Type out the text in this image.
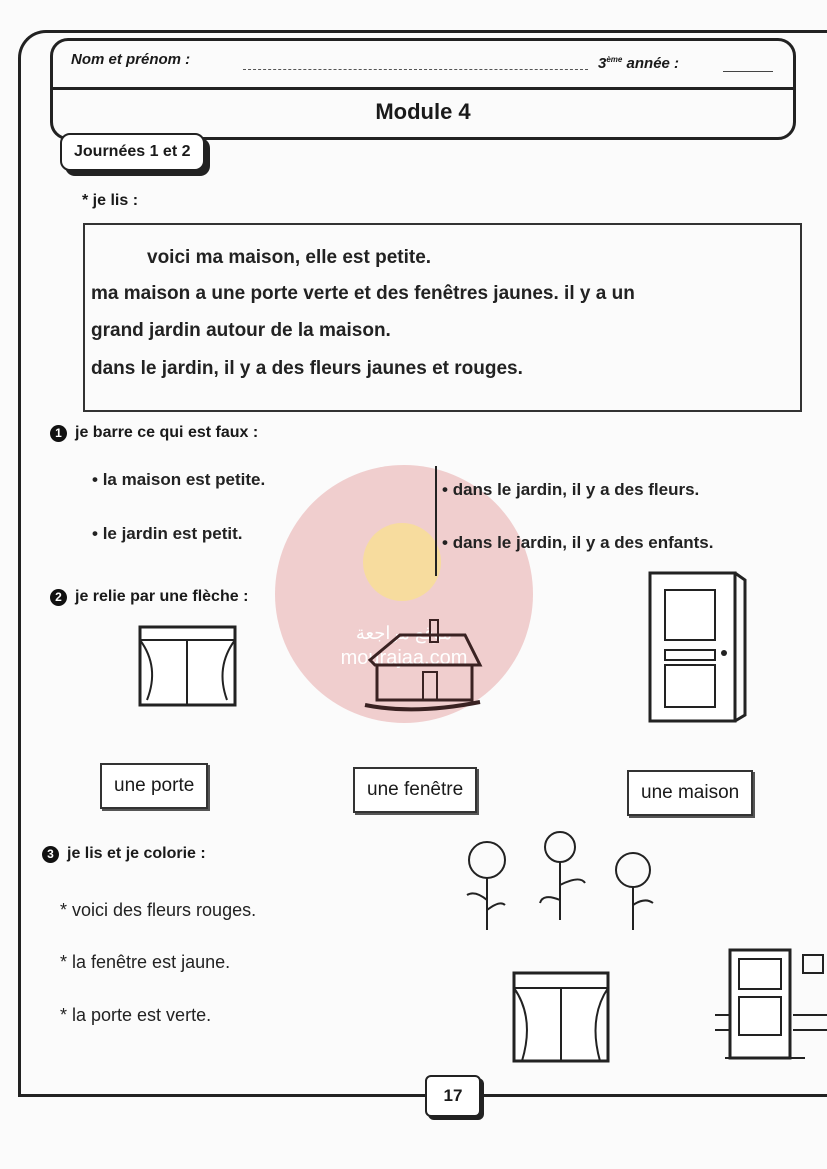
Nom et prénom :	3ème année :
Module 4
Journées 1 et 2
* je lis :

voici ma maison, elle est petite.

ma maison a une porte verte et des fenêtres jaunes. il y a un

grand jardin autour de la maison.

dans le jardin, il y a des fleurs jaunes et rouges.

موقع مراجعة
mourajaa.com
1 je barre ce qui est faux :
• la maison est petite.
• le jardin est petit.
• dans le jardin, il y a des fleurs.
• dans le jardin, il y a des enfants.
2 je relie par une flèche :
une porte	une fenêtre	une maison
3 je lis et je colorie :
* voici des fleurs rouges.
* la fenêtre est jaune.
* la porte est verte.
17
